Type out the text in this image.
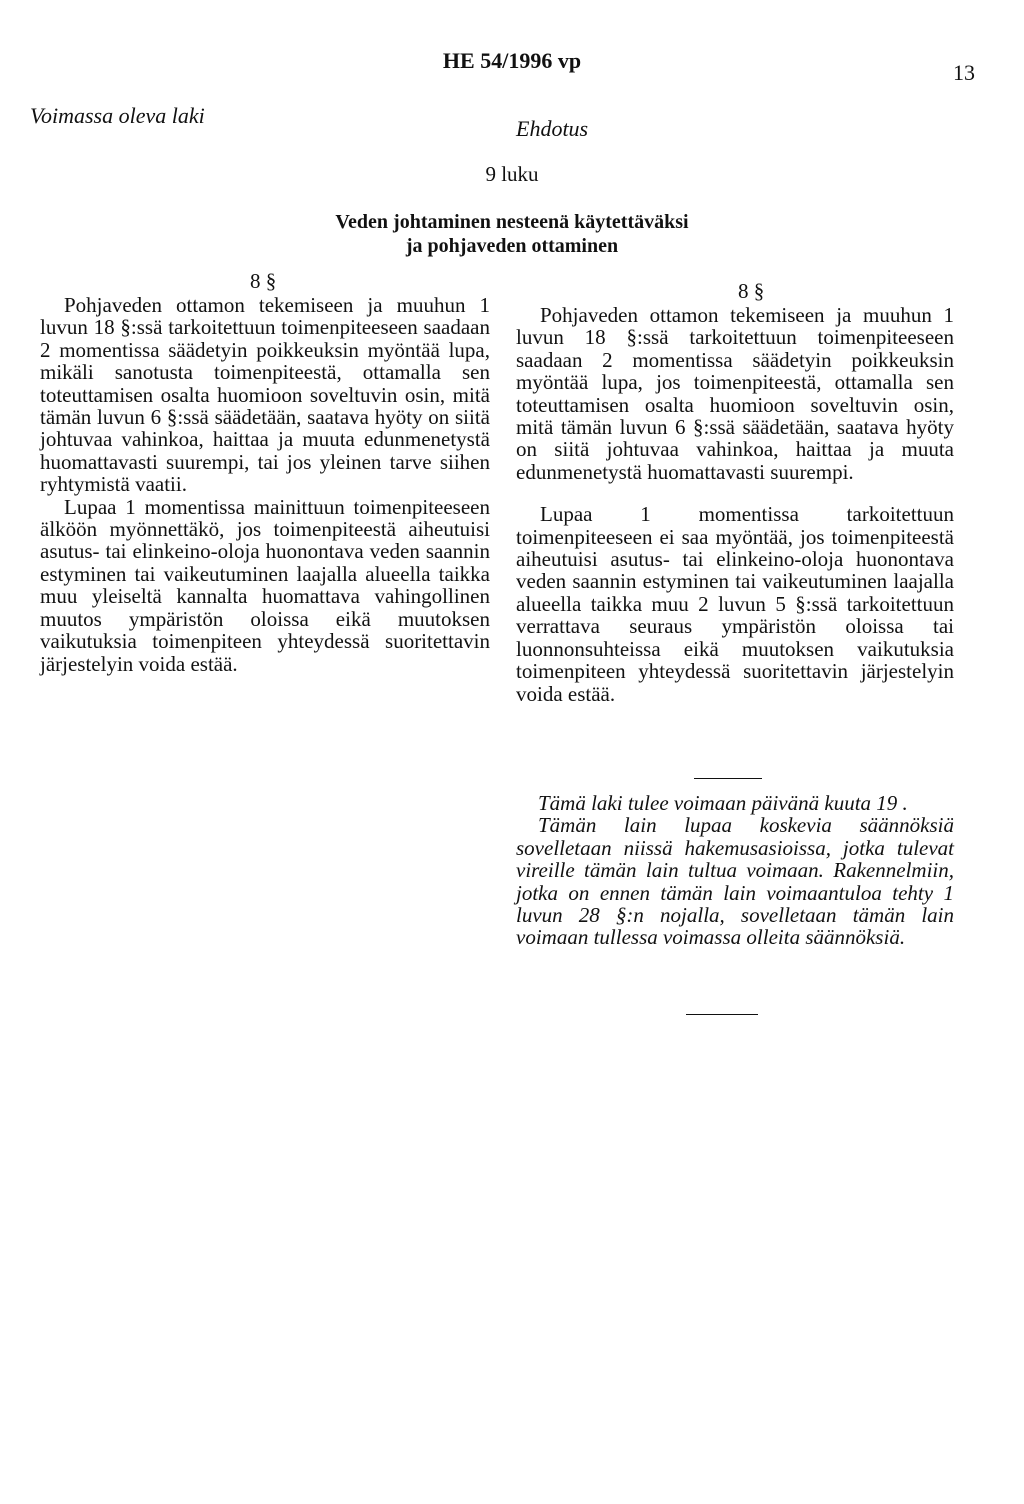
HE 54/1996 vp	13
Voimassa oleva laki
Ehdotus
9 luku
Veden johtaminen nesteenä käytettäväksi
ja pohjaveden ottaminen
8 §

Pohjaveden ottamon tekemiseen ja muuhun 1 luvun 18 §:ssä tarkoitettuun toimenpiteeseen saadaan 2 momentissa säädetyin poikkeuksin myöntää lupa, mikäli sanotusta toimenpiteestä, ottamalla sen toteuttamisen osalta huomioon soveltuvin osin, mitä tämän luvun 6 §:ssä säädetään, saatava hyöty on siitä johtuvaa vahinkoa, haittaa ja muuta edunmenetystä huomattavasti suurempi, tai jos yleinen tarve siihen ryhtymistä vaatii.

Lupaa 1 momentissa mainittuun toimenpiteeseen älköön myönnettäkö, jos toimenpiteestä aiheutuisi asutus- tai elinkeino-oloja huonontava veden saannin estyminen tai vaikeutuminen laajalla alueella taikka muu yleiseltä kannalta huomattava vahingollinen muutos ympäristön oloissa eikä muutoksen vaikutuksia toimenpiteen yhteydessä suoritettavin järjestelyin voida estää.

8 §

Pohjaveden ottamon tekemiseen ja muuhun 1 luvun 18 §:ssä tarkoitettuun toimenpiteeseen saadaan 2 momentissa säädetyin poikkeuksin myöntää lupa, jos toimenpiteestä, ottamalla sen toteuttamisen osalta huomioon soveltuvin osin, mitä tämän luvun 6 §:ssä säädetään, saatava hyöty on siitä johtuvaa vahinkoa, haittaa ja muuta edunmenetystä huomattavasti suurempi.

Lupaa 1 momentissa tarkoitettuun toimenpiteeseen ei saa myöntää, jos toimenpiteestä aiheutuisi asutus- tai elinkeino-oloja huonontava veden saannin estyminen tai vaikeutuminen laajalla alueella taikka muu 2 luvun 5 §:ssä tarkoitettuun verrattava seuraus ympäristön oloissa tai luonnonsuhteissa eikä muutoksen vaikutuksia toimenpiteen yhteydessä suoritettavin järjestelyin voida estää.

Tämä laki tulee voimaan päivänä kuuta 19 .

Tämän lain lupaa koskevia säännöksiä sovelletaan niissä hakemusasioissa, jotka tulevat vireille tämän lain tultua voimaan. Rakennelmiin, jotka on ennen tämän lain voimaantuloa tehty 1 luvun 28 §:n nojalla, sovelletaan tämän lain voimaan tullessa voimassa olleita säännöksiä.
